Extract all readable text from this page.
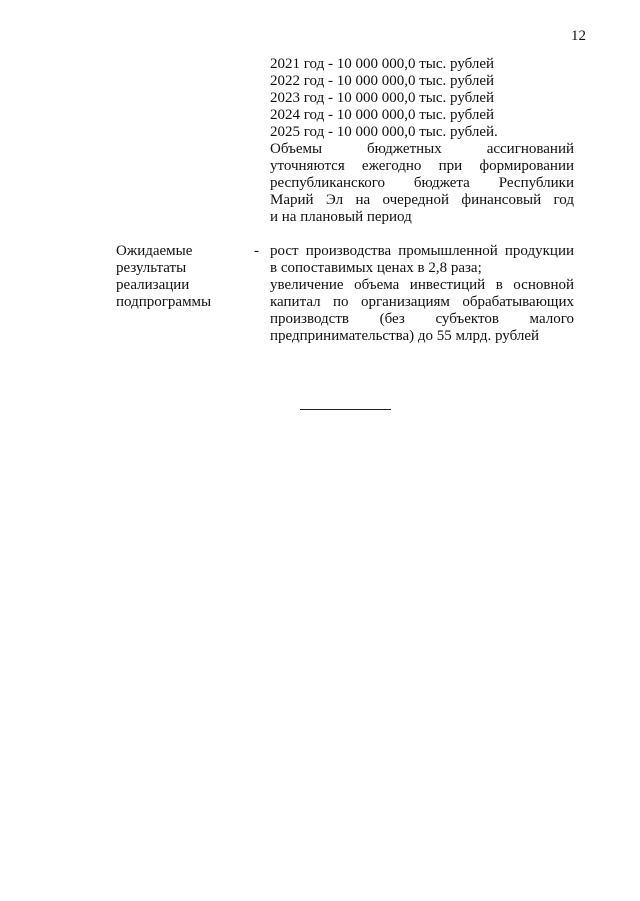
12
2021 год - 10 000 000,0 тыс. рублей
2022 год - 10 000 000,0 тыс. рублей
2023 год - 10 000 000,0 тыс. рублей
2024 год - 10 000 000,0 тыс. рублей
2025 год - 10 000 000,0 тыс. рублей.
Объемы бюджетных ассигнований
уточняются ежегодно при формировании
республиканского бюджета Республики
Марий Эл на очередной финансовый год
и на плановый период
Ожидаемые
результаты
реализации
подпрограммы
- рост производства промышленной продукции
в сопоставимых ценах в 2,8 раза;
увеличение объема инвестиций в основной
капитал по организациям обрабатывающих
производств (без субъектов малого
предпринимательства) до 55 млрд. рублей
